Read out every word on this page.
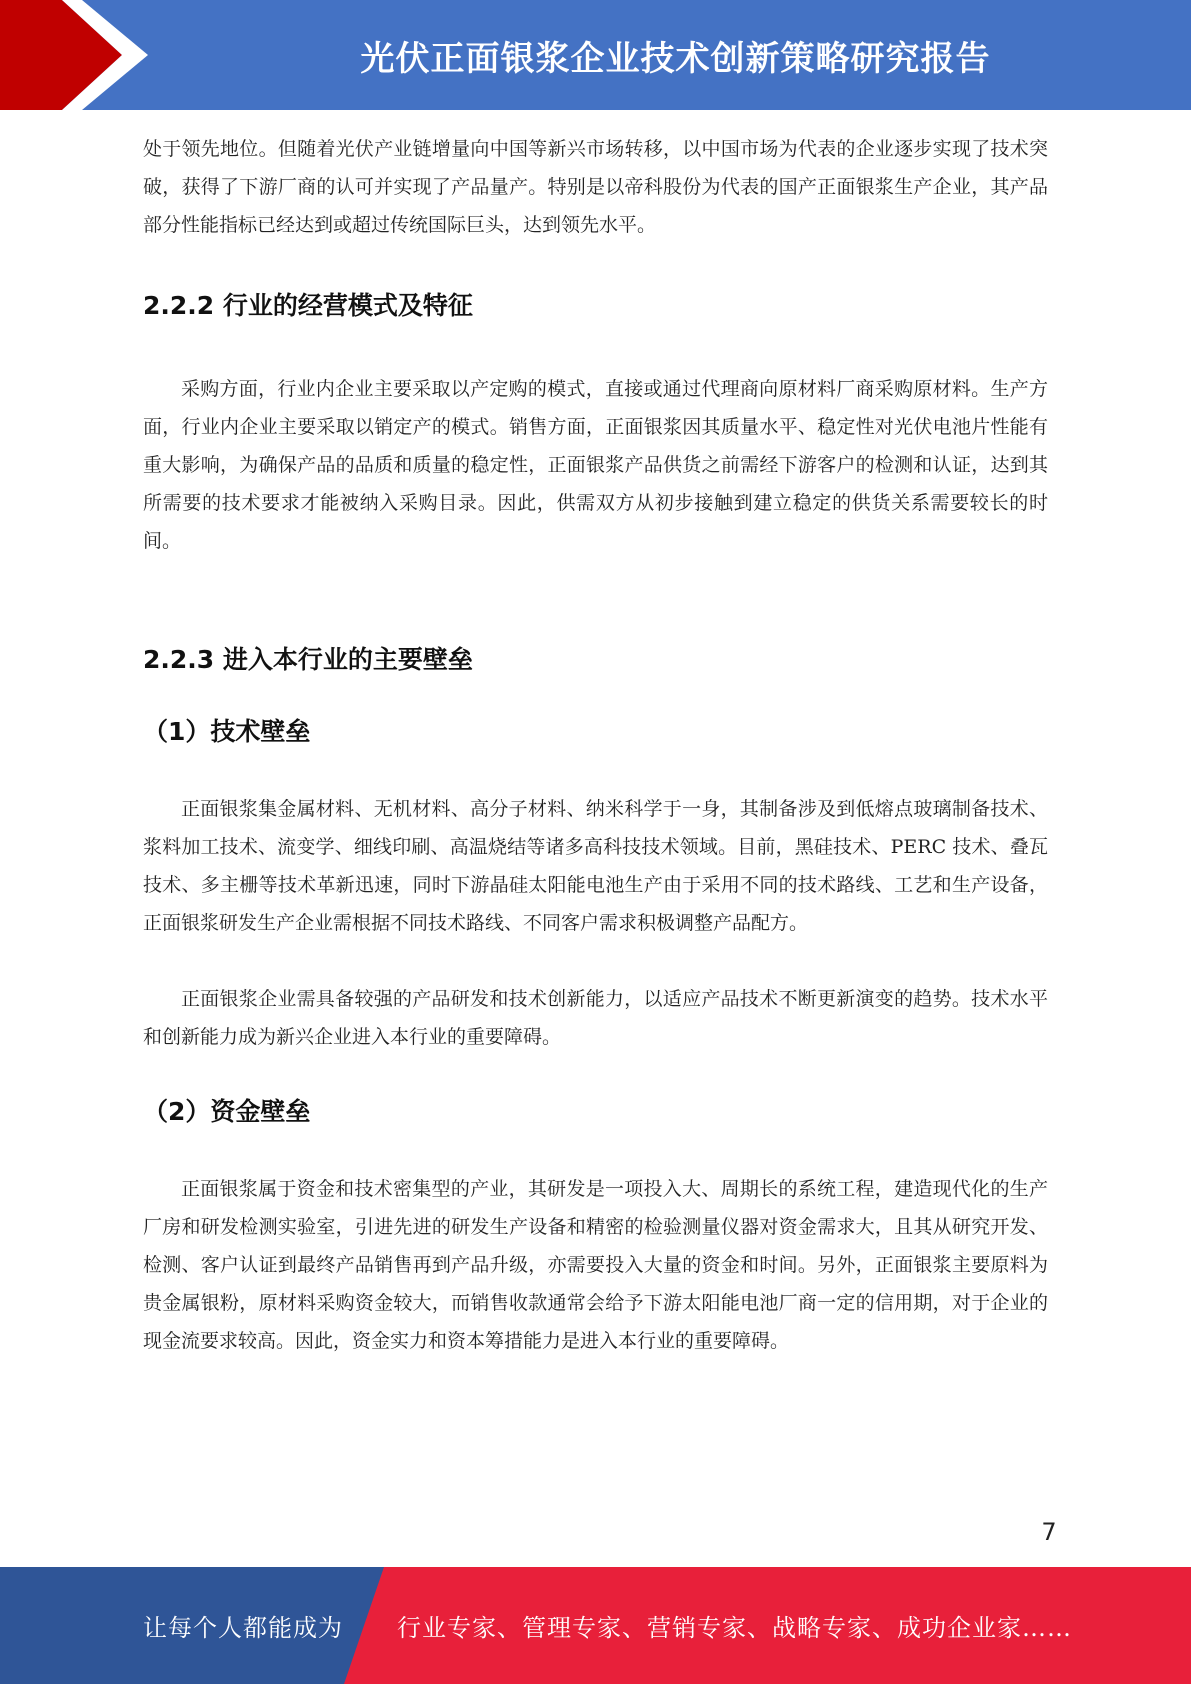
光伏正面银浆企业技术创新策略研究报告

处于领先地位。但随着光伏产业链增量向中国等新兴市场转移，以中国市场为代表的企业逐步实现了技术突破，获得了下游厂商的认可并实现了产品量产。特别是以帝科股份为代表的国产正面银浆生产企业，其产品部分性能指标已经达到或超过传统国际巨头，达到领先水平。

2.2.2 行业的经营模式及特征

采购方面，行业内企业主要采取以产定购的模式，直接或通过代理商向原材料厂商采购原材料。生产方面，行业内企业主要采取以销定产的模式。销售方面，正面银浆因其质量水平、稳定性对光伏电池片性能有重大影响，为确保产品的品质和质量的稳定性，正面银浆产品供货之前需经下游客户的检测和认证，达到其所需要的技术要求才能被纳入采购目录。因此，供需双方从初步接触到建立稳定的供货关系需要较长的时间。

2.2.3 进入本行业的主要壁垒
（1）技术壁垒

正面银浆集金属材料、无机材料、高分子材料、纳米科学于一身，其制备涉及到低熔点玻璃制备技术、浆料加工技术、流变学、细线印刷、高温烧结等诸多高科技技术领域。目前，黑硅技术、PERC 技术、叠瓦技术、多主栅等技术革新迅速，同时下游晶硅太阳能电池生产由于采用不同的技术路线、工艺和生产设备，正面银浆研发生产企业需根据不同技术路线、不同客户需求积极调整产品配方。

正面银浆企业需具备较强的产品研发和技术创新能力，以适应产品技术不断更新演变的趋势。技术水平和创新能力成为新兴企业进入本行业的重要障碍。

（2）资金壁垒

正面银浆属于资金和技术密集型的产业，其研发是一项投入大、周期长的系统工程，建造现代化的生产厂房和研发检测实验室，引进先进的研发生产设备和精密的检验测量仪器对资金需求大，且其从研究开发、检测、客户认证到最终产品销售再到产品升级，亦需要投入大量的资金和时间。另外，正面银浆主要原料为贵金属银粉，原材料采购资金较大，而销售收款通常会给予下游太阳能电池厂商一定的信用期，对于企业的现金流要求较高。因此，资金实力和资本筹措能力是进入本行业的重要障碍。

7
让每个人都能成为 行业专家、管理专家、营销专家、战略专家、成功企业家……
